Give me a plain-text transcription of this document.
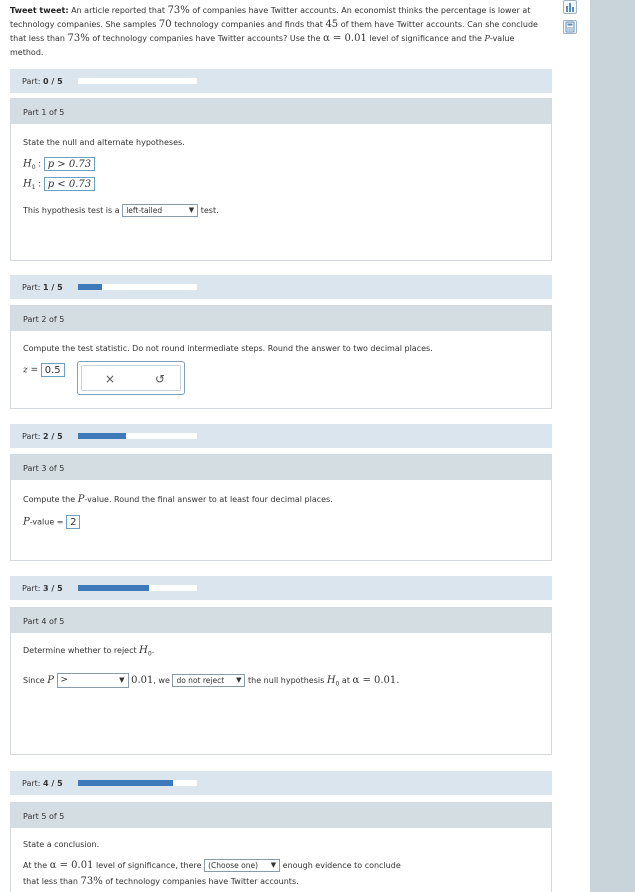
Tweet tweet: An article reported that 73% of companies have Twitter accounts. An economist thinks the percentage is lower at technology companies. She samples 70 technology companies and finds that 45 of them have Twitter accounts. Can she conclude that less than 73% of technology companies have Twitter accounts? Use the α = 0.01 level of significance and the P-value method.
Part: 0 / 5
Part 1 of 5
State the null and alternate hypotheses.
$H_0$ : p > 0.73
$H_1$ : p < 0.73
This hypothesis test is a left-tailed	▼ test.
Part: 1 / 5
Part 2 of 5
Compute the test statistic. Do not round intermediate steps. Round the answer to two decimal places.
z = 0.5
×	↺
Part: 2 / 5
Part 3 of 5
Compute the P-value. Round the final answer to at least four decimal places.
P-value = 2
Part: 3 / 5
Part 4 of 5
Determine whether to reject $H_0$.
Since P >	▼ 0.01, we do not reject ▼ the null hypothesis $H_0$ at α = 0.01.
Part: 4 / 5
Part 5 of 5
State a conclusion.
At the α = 0.01 level of significance, there (Choose one) ▼ enough evidence to conclude
that less than 73% of technology companies have Twitter accounts.
